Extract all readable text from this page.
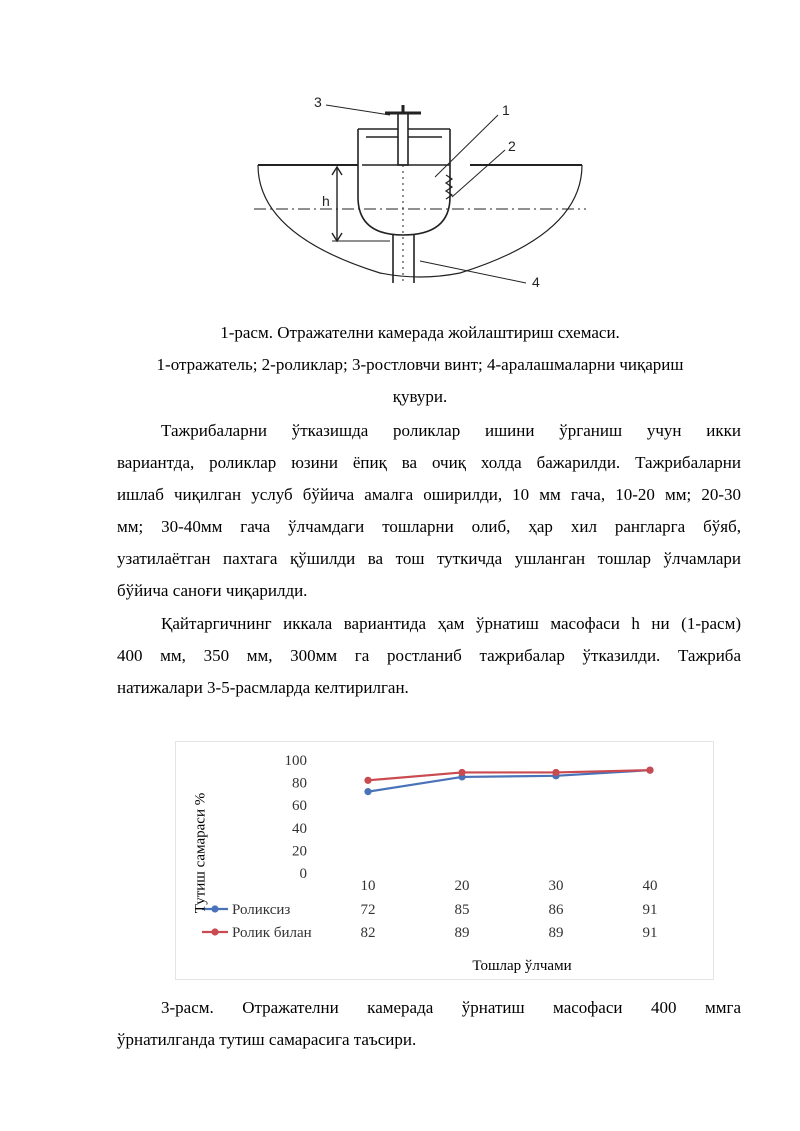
3	1
2
h
4
1-расм. Отражателни камерада жойлаштириш схемаси.
1-отражатель; 2-роликлар; 3-ростловчи винт; 4-аралашмаларни чиқариш
қувури.
Тажрибаларни ўтказишда роликлар ишини ўрганиш учун икки
вариантда, роликлар юзини ёпиқ ва очиқ холда бажарилди. Тажрибаларни
ишлаб чиқилган услуб бўйича амалга оширилди, 10 мм гача, 10-20 мм; 20-30
мм; 30-40мм гача ўлчамдаги тошларни олиб, ҳар хил рангларга бўяб,
узатилаётган пахтага қўшилди ва тош туткичда ушланган тошлар ўлчамлари
бўйича саноғи чиқарилди.
Қайтаргичнинг иккала вариантида ҳам ўрнатиш масофаси h ни (1-расм)
400 мм, 350 мм, 300мм га ростланиб тажрибалар ўтказилди. Тажриба
натижалари 3-5-расмларда келтирилган.
0
20
40
60
80
100
10	20	30	40
Роликсиз	72	85	86	91
Ролик билан	82	89	89	91
Тутиш самараси %
Тошлар ўлчами
3-расм. Отражателни камерада ўрнатиш масофаси 400 ммга
ўрнатилганда тутиш самарасига таъсири.
